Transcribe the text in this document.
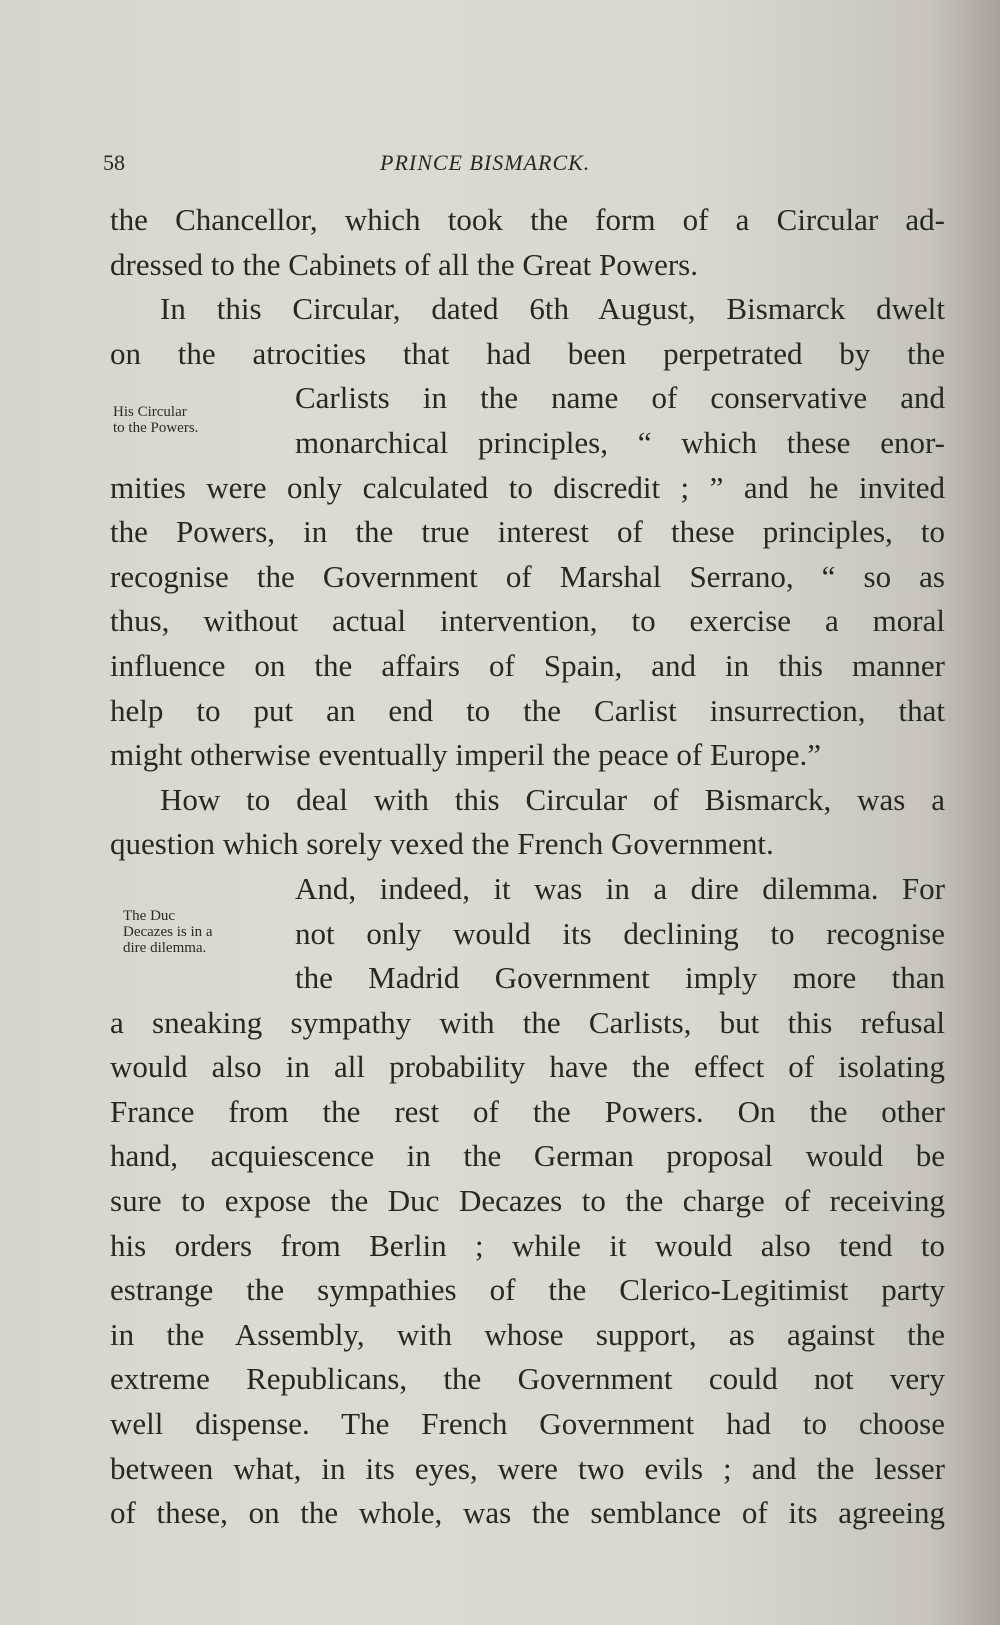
58	PRINCE BISMARCK.
His Circular
to the Powers.
The Duc
Decazes is in a
dire dilemma.
the Chancellor, which took the form of a Circular ad-
dressed to the Cabinets of all the Great Powers.
In this Circular, dated 6th August, Bismarck dwelt
on the atrocities that had been perpetrated by the
Carlists in the name of conservative and
monarchical principles, “ which these enor-
mities were only calculated to discredit ; ” and he invited
the Powers, in the true interest of these principles, to
recognise the Government of Marshal Serrano, “ so as
thus, without actual intervention, to exercise a moral
influence on the affairs of Spain, and in this manner
help to put an end to the Carlist insurrection, that
might otherwise eventually imperil the peace of Europe.”
How to deal with this Circular of Bismarck, was a
question which sorely vexed the French Government.
And, indeed, it was in a dire dilemma. For
not only would its declining to recognise
the Madrid Government imply more than
a sneaking sympathy with the Carlists, but this refusal
would also in all probability have the effect of isolating
France from the rest of the Powers. On the other
hand, acquiescence in the German proposal would be
sure to expose the Duc Decazes to the charge of receiving
his orders from Berlin ; while it would also tend to
estrange the sympathies of the Clerico-Legitimist party
in the Assembly, with whose support, as against the
extreme Republicans, the Government could not very
well dispense. The French Government had to choose
between what, in its eyes, were two evils ; and the lesser
of these, on the whole, was the semblance of its agreeing
